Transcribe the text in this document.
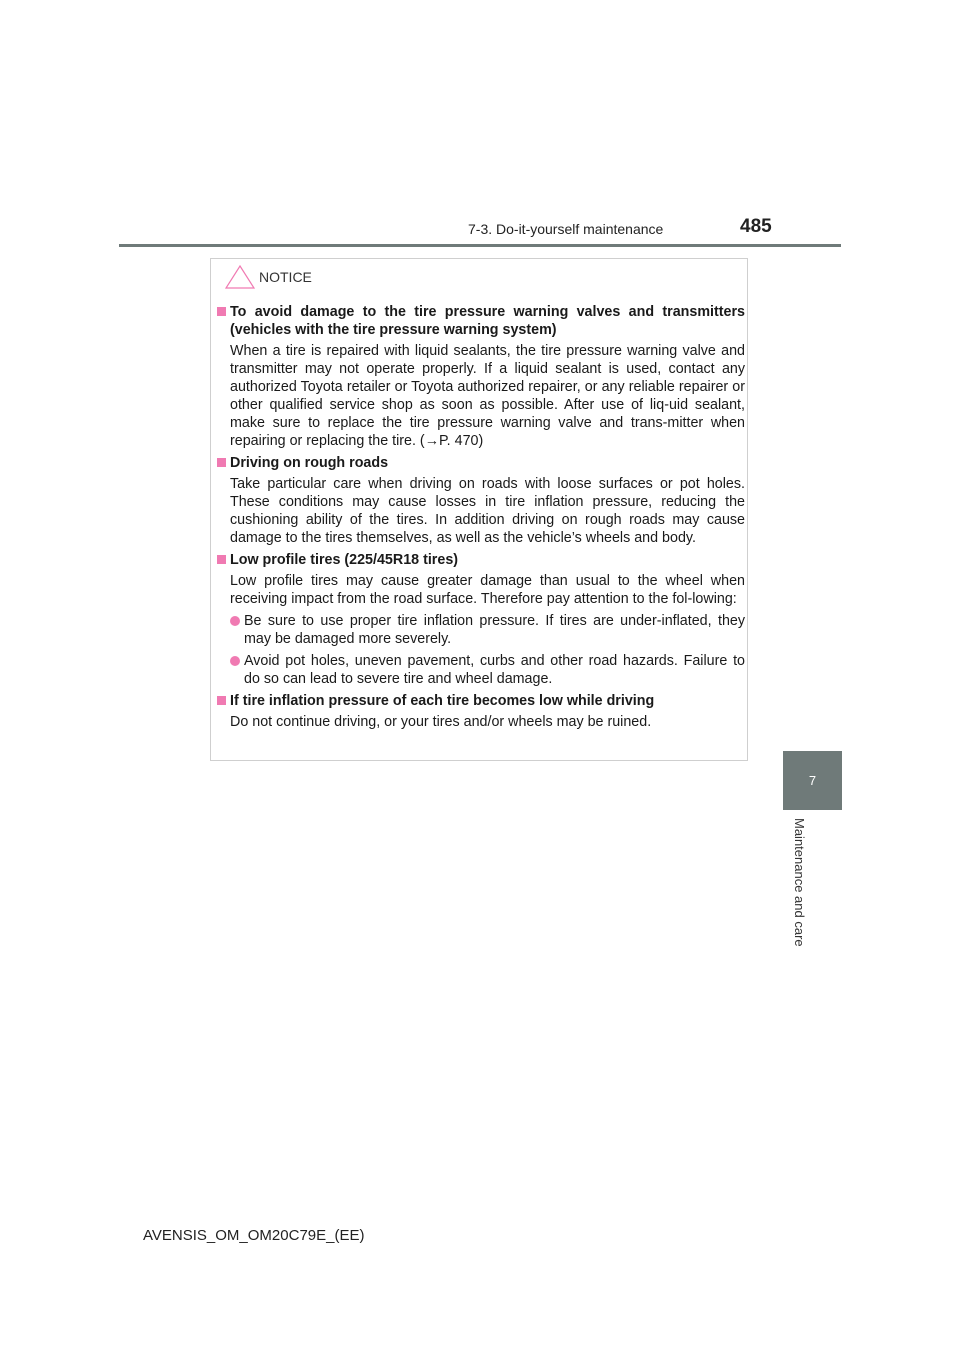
7-3. Do-it-yourself maintenance	485
7
Maintenance and care
NOTICE
To avoid damage to the tire pressure warning valves and transmitters (vehicles with the tire pressure warning system)
When a tire is repaired with liquid sealants, the tire pressure warning valve and transmitter may not operate properly. If a liquid sealant is used, contact any authorized Toyota retailer or Toyota authorized repairer, or any reliable repairer or other qualified service shop as soon as possible. After use of liq-uid sealant, make sure to replace the tire pressure warning valve and trans-mitter when repairing or replacing the tire. (→P. 470)
Driving on rough roads
Take particular care when driving on roads with loose surfaces or pot holes. These conditions may cause losses in tire inflation pressure, reducing the cushioning ability of the tires. In addition driving on rough roads may cause damage to the tires themselves, as well as the vehicle’s wheels and body.
Low profile tires (225/45R18 tires)
Low profile tires may cause greater damage than usual to the wheel when receiving impact from the road surface. Therefore pay attention to the fol-lowing:
Be sure to use proper tire inflation pressure. If tires are under-inflated, they may be damaged more severely.
Avoid pot holes, uneven pavement, curbs and other road hazards. Failure to do so can lead to severe tire and wheel damage.
If tire inflation pressure of each tire becomes low while driving
Do not continue driving, or your tires and/or wheels may be ruined.
AVENSIS_OM_OM20C79E_(EE)
